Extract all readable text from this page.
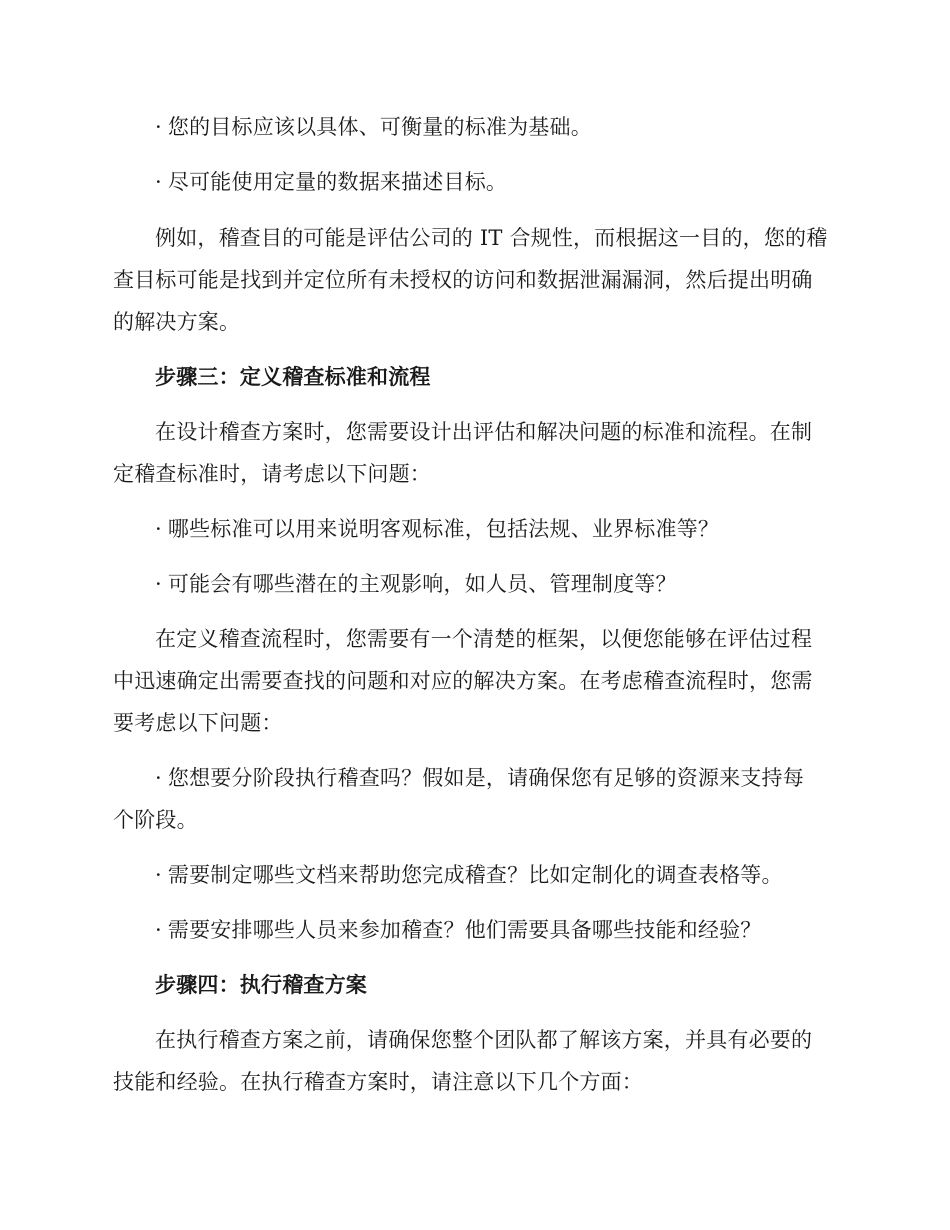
· 您的目标应该以具体、可衡量的标准为基础。
· 尽可能使用定量的数据来描述目标。
例如，稽查目的可能是评估公司的 IT 合规性，而根据这一目的，您的稽
查目标可能是找到并定位所有未授权的访问和数据泄漏漏洞，然后提出明确
的解决方案。
步骤三：定义稽查标准和流程
在设计稽查方案时，您需要设计出评估和解决问题的标准和流程。在制
定稽查标准时，请考虑以下问题：
· 哪些标准可以用来说明客观标准，包括法规、业界标准等？
· 可能会有哪些潜在的主观影响，如人员、管理制度等？
在定义稽查流程时，您需要有一个清楚的框架，以便您能够在评估过程
中迅速确定出需要查找的问题和对应的解决方案。在考虑稽查流程时，您需
要考虑以下问题：
· 您想要分阶段执行稽查吗？假如是，请确保您有足够的资源来支持每
个阶段。
· 需要制定哪些文档来帮助您完成稽查？比如定制化的调查表格等。
· 需要安排哪些人员来参加稽查？他们需要具备哪些技能和经验？
步骤四：执行稽查方案
在执行稽查方案之前，请确保您整个团队都了解该方案，并具有必要的
技能和经验。在执行稽查方案时，请注意以下几个方面：
